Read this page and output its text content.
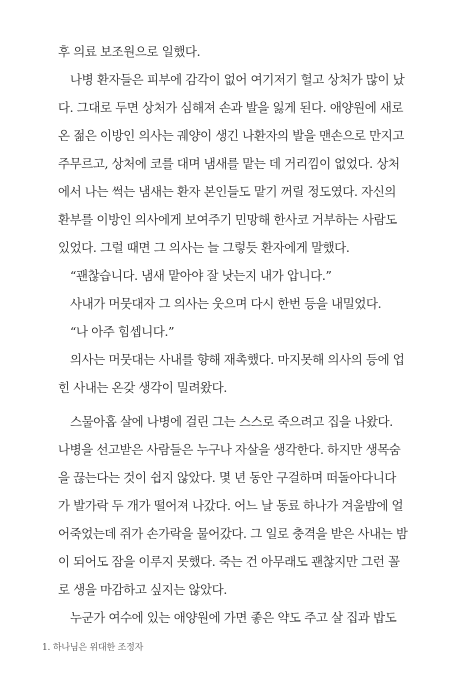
후 의료 보조원으로 일했다.
나병 환자들은 피부에 감각이 없어 여기저기 헐고 상처가 많이 났
다. 그대로 두면 상처가 심해져 손과 발을 잃게 된다. 애양원에 새로
온 젊은 이방인 의사는 궤양이 생긴 나환자의 발을 맨손으로 만지고
주무르고, 상처에 코를 대며 냄새를 맡는 데 거리낌이 없었다. 상처
에서 나는 썩는 냄새는 환자 본인들도 맡기 꺼릴 정도였다. 자신의
환부를 이방인 의사에게 보여주기 민망해 한사코 거부하는 사람도
있었다. 그럴 때면 그 의사는 늘 그렇듯 환자에게 말했다.
“괜찮습니다. 냄새 맡아야 잘 낫는지 내가 압니다.”
사내가 머뭇대자 그 의사는 웃으며 다시 한번 등을 내밀었다.
“나 아주 힘셉니다.”
의사는 머뭇대는 사내를 향해 재촉했다. 마지못해 의사의 등에 업
힌 사내는 온갖 생각이 밀려왔다.
스물아홉 살에 나병에 걸린 그는 스스로 죽으려고 집을 나왔다.
나병을 선고받은 사람들은 누구나 자살을 생각한다. 하지만 생목숨
을 끊는다는 것이 쉽지 않았다. 몇 년 동안 구걸하며 떠돌아다니다
가 발가락 두 개가 떨어져 나갔다. 어느 날 동료 하나가 겨울밤에 얼
어죽었는데 쥐가 손가락을 물어갔다. 그 일로 충격을 받은 사내는 밤
이 되어도 잠을 이루지 못했다. 죽는 건 아무래도 괜찮지만 그런 꼴
로 생을 마감하고 싶지는 않았다.
1. 하나님은 위대한 조정자
누군가 여수에 있는 애양원에 가면 좋은 약도 주고 살 집과 밥도
